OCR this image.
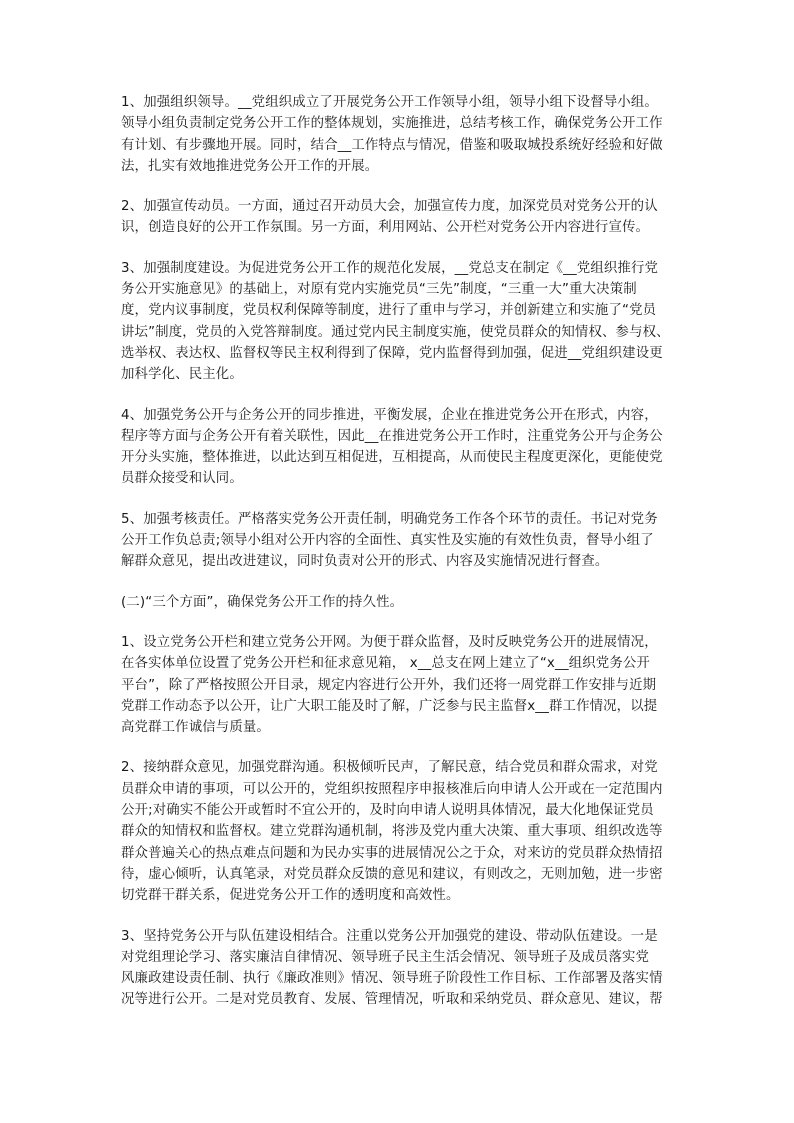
1、加强组织领导。__党组织成立了开展党务公开工作领导小组，领导小组下设督导小组。
领导小组负责制定党务公开工作的整体规划，实施推进，总结考核工作，确保党务公开工作
有计划、有步骤地开展。同时，结合__工作特点与情况，借鉴和吸取城投系统好经验和好做
法，扎实有效地推进党务公开工作的开展。
2、加强宣传动员。一方面，通过召开动员大会，加强宣传力度，加深党员对党务公开的认
识，创造良好的公开工作氛围。另一方面，利用网站、公开栏对党务公开内容进行宣传。
3、加强制度建设。为促进党务公开工作的规范化发展，__党总支在制定《__党组织推行党
务公开实施意见》的基础上，对原有党内实施党员“三先”制度，“三重一大”重大决策制
度，党内议事制度，党员权利保障等制度，进行了重申与学习，并创新建立和实施了“党员
讲坛”制度，党员的入党答辩制度。通过党内民主制度实施，使党员群众的知情权、参与权、
选举权、表达权、监督权等民主权利得到了保障，党内监督得到加强，促进__党组织建设更
加科学化、民主化。
4、加强党务公开与企务公开的同步推进，平衡发展，企业在推进党务公开在形式，内容，
程序等方面与企务公开有着关联性，因此__在推进党务公开工作时，注重党务公开与企务公
开分头实施，整体推进，以此达到互相促进，互相提高，从而使民主程度更深化，更能使党
员群众接受和认同。
5、加强考核责任。严格落实党务公开责任制，明确党务工作各个环节的责任。书记对党务
公开工作负总责;领导小组对公开内容的全面性、真实性及实施的有效性负责，督导小组了
解群众意见，提出改进建议，同时负责对公开的形式、内容及实施情况进行督查。
(二)“三个方面”，确保党务公开工作的持久性。
1、设立党务公开栏和建立党务公开网。为便于群众监督，及时反映党务公开的进展情况，
在各实体单位设置了党务公开栏和征求意见箱， x__总支在网上建立了“x__组织党务公开
平台”，除了严格按照公开目录，规定内容进行公开外，我们还将一周党群工作安排与近期
党群工作动态予以公开，让广大职工能及时了解，广泛参与民主监督x__群工作情况，以提
高党群工作诚信与质量。
2、接纳群众意见，加强党群沟通。积极倾听民声，了解民意，结合党员和群众需求，对党
员群众申请的事项，可以公开的，党组织按照程序申报核准后向申请人公开或在一定范围内
公开;对确实不能公开或暂时不宜公开的，及时向申请人说明具体情况，最大化地保证党员
群众的知情权和监督权。建立党群沟通机制，将涉及党内重大决策、重大事项、组织改选等
群众普遍关心的热点难点问题和为民办实事的进展情况公之于众，对来访的党员群众热情招
待，虚心倾听，认真笔录，对党员群众反馈的意见和建议，有则改之，无则加勉，进一步密
切党群干群关系，促进党务公开工作的透明度和高效性。
3、坚持党务公开与队伍建设相结合。注重以党务公开加强党的建设、带动队伍建设。一是
对党组理论学习、落实廉洁自律情况、领导班子民主生活会情况、领导班子及成员落实党
风廉政建设责任制、执行《廉政准则》情况、领导班子阶段性工作目标、工作部署及落实情
况等进行公开。二是对党员教育、发展、管理情况，听取和采纳党员、群众意见、建议，帮
